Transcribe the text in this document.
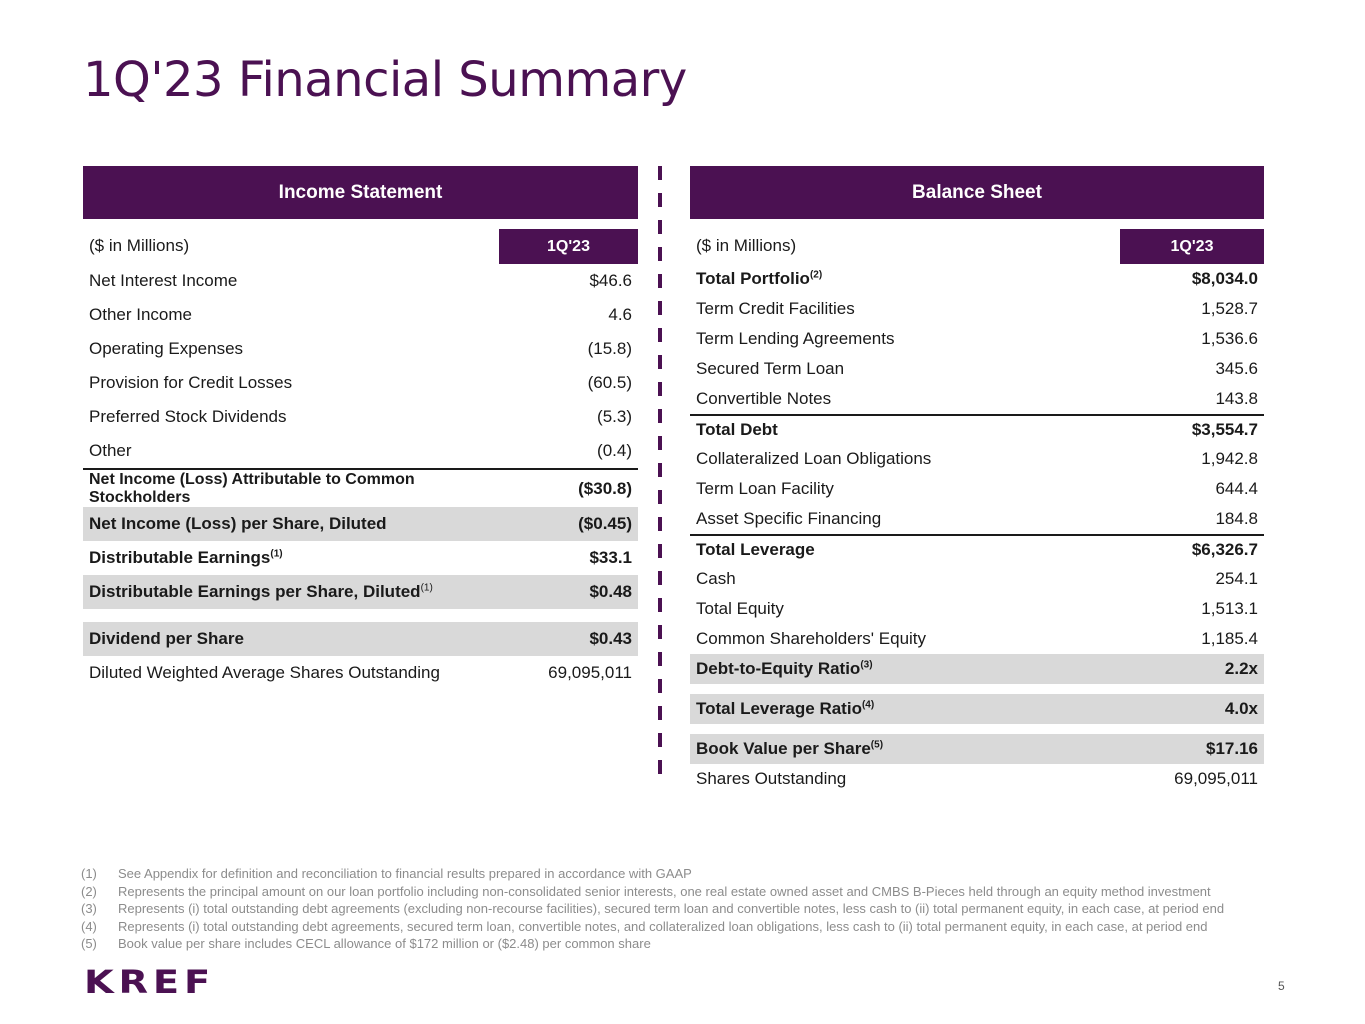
1Q'23 Financial Summary
Income Statement
($ in Millions)	1Q'23
Net Interest Income	$46.6
Other Income	4.6
Operating Expenses	(15.8)
Provision for Credit Losses	(60.5)
Preferred Stock Dividends	(5.3)
Other	(0.4)
Net Income (Loss) Attributable to Common Stockholders	($30.8)
Net Income (Loss) per Share, Diluted	($0.45)
Distributable Earnings$^{(1)}$	$33.1
Distributable Earnings per Share, Diluted$^{(1)}$	$0.48
Dividend per Share	$0.43
Diluted Weighted Average Shares Outstanding	69,095,011
Balance Sheet
($ in Millions)	1Q'23
Total Portfolio$^{(2)}$	$8,034.0
Term Credit Facilities	1,528.7
Term Lending Agreements	1,536.6
Secured Term Loan	345.6
Convertible Notes	143.8
Total Debt	$3,554.7
Collateralized Loan Obligations	1,942.8
Term Loan Facility	644.4
Asset Specific Financing	184.8
Total Leverage	$6,326.7
Cash	254.1
Total Equity	1,513.1
Common Shareholders' Equity	1,185.4
Debt-to-Equity Ratio$^{(3)}$	2.2x
Total Leverage Ratio$^{(4)}$	4.0x
Book Value per Share$^{(5)}$	$17.16
Shares Outstanding	69,095,011
(1)	See Appendix for definition and reconciliation to financial results prepared in accordance with GAAP
(2)	Represents the principal amount on our loan portfolio including non-consolidated senior interests, one real estate owned asset and CMBS B-Pieces held through an equity method investment
(3)	Represents (i) total outstanding debt agreements (excluding non-recourse facilities), secured term loan and convertible notes, less cash to (ii) total permanent equity, in each case, at period end
(4)	Represents (i) total outstanding debt agreements, secured term loan, convertible notes, and collateralized loan obligations, less cash to (ii) total permanent equity, in each case, at period end
(5)	Book value per share includes CECL allowance of $172 million or ($2.48) per common share
KREF	5
